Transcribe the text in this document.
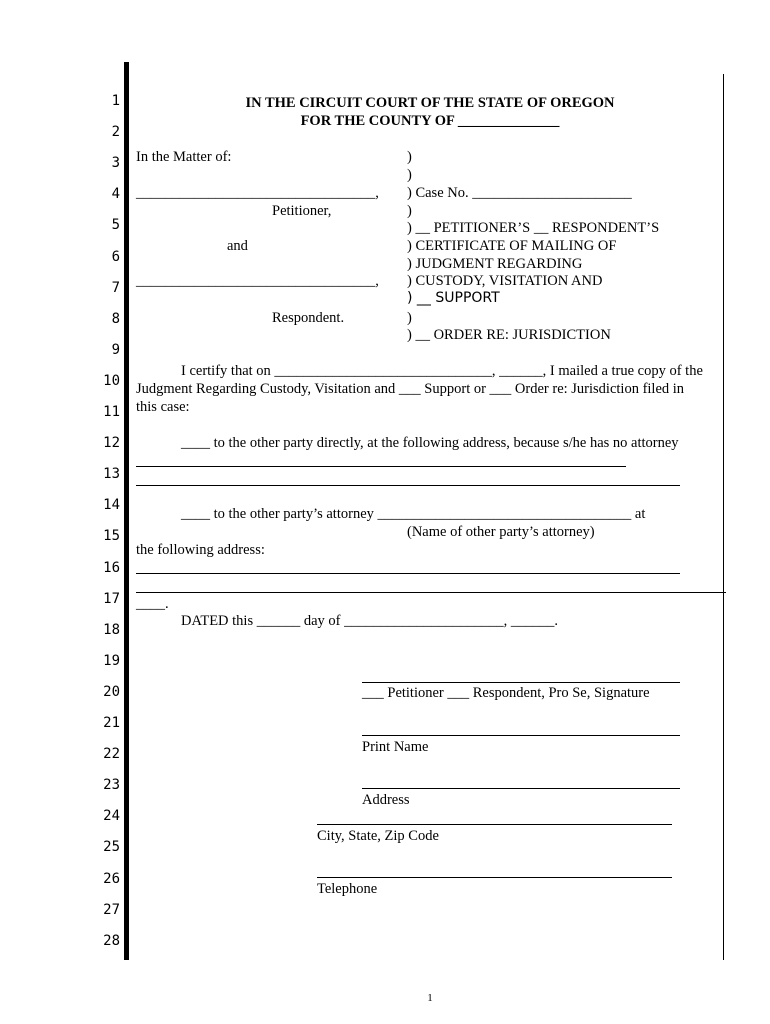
1
2
3
4
5
6
7
8
9
10
11
12
13
14
15
16
17
18
19
20
21
22
23
24
25
26
27
28
IN THE CIRCUIT COURT OF THE STATE OF OREGON
FOR THE COUNTY OF ______________
In the Matter of:
_________________________________,
Petitioner,
and
_________________________________,
Respondent.
)
)
) Case No. ______________________
)
) __ PETITIONER’S __ RESPONDENT’S
) CERTIFICATE OF MAILING OF
) JUDGMENT REGARDING
) CUSTODY, VISITATION AND
) __ SUPPORT
)
) __ ORDER RE: JURISDICTION
I certify that on ______________________________, ______, I mailed a true copy of the
Judgment Regarding Custody, Visitation and ___ Support or ___ Order re: Jurisdiction filed in
this case:
____ to the other party directly, at the following address, because s/he has no attorney
____ to the other party’s attorney ___________________________________ at
(Name of other party’s attorney)
the following address:
____.
DATED this ______ day of ______________________, ______.
___ Petitioner ___ Respondent, Pro Se, Signature
Print Name
Address
City, State, Zip Code
Telephone
1
